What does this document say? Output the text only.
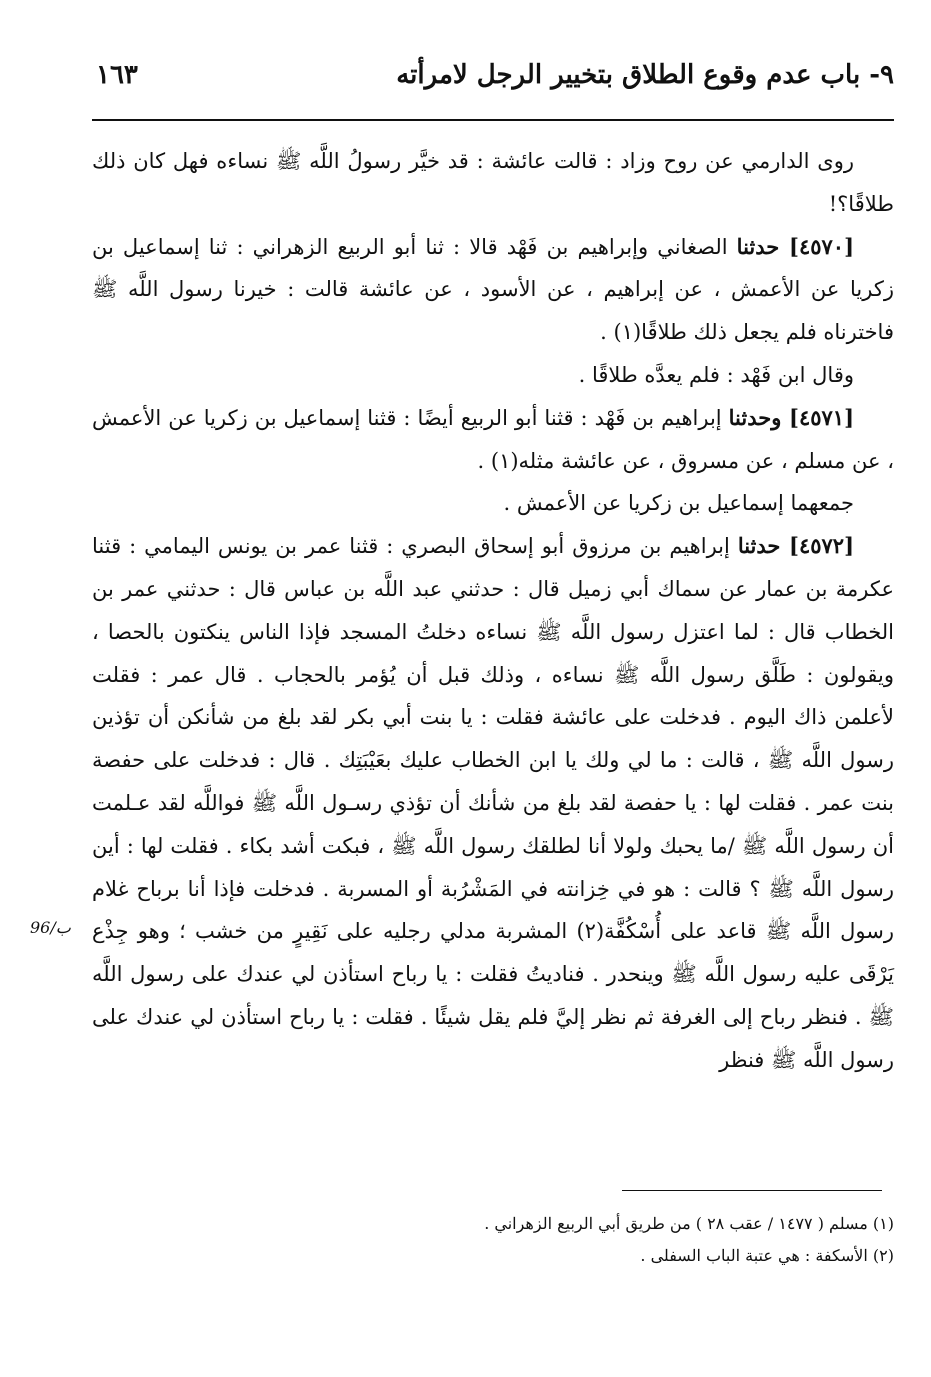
٩- باب عدم وقوع الطلاق بتخيير الرجل لامرأته
١٦٣

روى الدارمي عن روح وزاد : قالت عائشة : قد خيَّر رسولُ اللَّه ﷺ نساءه فهل كان ذلك طلاقًا؟!

[٤٥٧٠] حدثنا الصغاني وإبراهيم بن فَهْد قالا : ثنا أبو الربيع الزهراني : ثنا إسماعيل بن زكريا عن الأعمش ، عن إبراهيم ، عن الأسود ، عن عائشة قالت : خيرنا رسول اللَّه ﷺ فاخترناه فلم يجعل ذلك طلاقًا(١) .

وقال ابن فَهْد : فلم يعدَّه طلاقًا .

[٤٥٧١] وحدثنا إبراهيم بن فَهْد : قثنا أبو الربيع أيضًا : قثنا إسماعيل بن زكريا عن الأعمش ، عن مسلم ، عن مسروق ، عن عائشة مثله(١) .

جمعهما إسماعيل بن زكريا عن الأعمش .

[٤٥٧٢] حدثنا إبراهيم بن مرزوق أبو إسحاق البصري : قثنا عمر بن يونس اليمامي : قثنا عكرمة بن عمار عن سماك أبي زميل قال : حدثني عبد اللَّه بن عباس قال : حدثني عمر بن الخطاب قال : لما اعتزل رسول اللَّه ﷺ نساءه دخلتُ المسجد فإذا الناس ينكتون بالحصا ، ويقولون : طَلَّق رسول اللَّه ﷺ نساءه ، وذلك قبل أن يُؤمر بالحجاب . قال عمر : فقلت لأعلمن ذاك اليوم . فدخلت على عائشة فقلت : يا بنت أبي بكر لقد بلغ من شأنكن أن تؤذين رسول اللَّه ﷺ ، قالت : ما لي ولك يا ابن الخطاب عليك بعَيْبَتِك . قال : فدخلت على حفصة بنت عمر . فقلت لها : يا حفصة لقد بلغ من شأنك أن تؤذي رسـول اللَّه ﷺ فواللَّه لقد عـلمت أن رسول اللَّه ﷺ /ما يحبك ولولا أنا لطلقك رسول اللَّه ﷺ ، فبكت أشد بكاء . فقلت لها : أين رسول اللَّه ﷺ ؟ قالت : هو في خِزانته في المَشْرُبة أو المسربة . فدخلت فإذا أنا برباح غلام رسول اللَّه ﷺ قاعد على أُسْكُفَّة(٢) المشربة مدلي رجليه على نَقِيرٍ من خشب ؛ وهو جِذْع يَرْقَى عليه رسول اللَّه ﷺ وينحدر . فناديتُ فقلت : يا رباح استأذن لي عندك على رسول اللَّه ﷺ . فنظر رباح إلى الغرفة ثم نظر إليَّ فلم يقل شيئًا . فقلت : يا رباح استأذن لي عندك على رسول اللَّه ﷺ فنظر

96/ب

(١) مسلم ( ١٤٧٧ / عقب ٢٨ ) من طريق أبي الربيع الزهراني .

(٢) الأسكفة : هي عتبة الباب السفلى .
